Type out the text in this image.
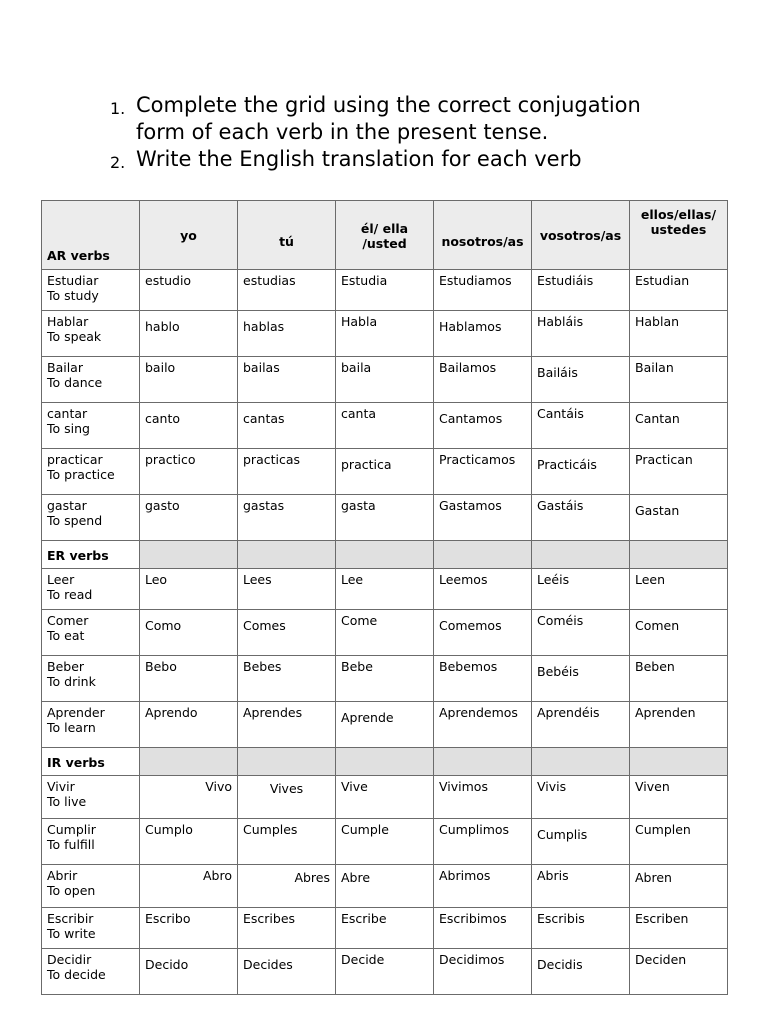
1. Complete the grid using the correct conjugation form of each verb in the present tense.
2. Write the English translation for each verb
AR verbs	yo	tú	él/ ella /usted	nosotros/as	vosotros/as	ellos/ellas/ ustedes
Estudiar
To study	estudio	estudias	Estudia	Estudiamos	Estudiáis	Estudian
Hablar
To speak	hablo	hablas	Habla	Hablamos	Habláis	Hablan
Bailar
To dance	bailo	bailas	baila	Bailamos	Bailáis	Bailan
cantar
To sing	canto	cantas	canta	Cantamos	Cantáis	Cantan
practicar
To practice	practico	practicas	practica	Practicamos	Practicáis	Practican
gastar
To spend	gasto	gastas	gasta	Gastamos	Gastáis	Gastan
ER verbs						
Leer
To read	Leo	Lees	Lee	Leemos	Leéis	Leen
Comer
To eat	Como	Comes	Come	Comemos	Coméis	Comen
Beber
To drink	Bebo	Bebes	Bebe	Bebemos	Bebéis	Beben
Aprender
To learn	Aprendo	Aprendes	Aprende	Aprendemos	Aprendéis	Aprenden
IR verbs						
Vivir
To live	Vivo	Vives	Vive	Vivimos	Vivis	Viven
Cumplir
To fulfill	Cumplo	Cumples	Cumple	Cumplimos	Cumplis	Cumplen
Abrir
To open	Abro	Abres	Abre	Abrimos	Abris	Abren
Escribir
To write	Escribo	Escribes	Escribe	Escribimos	Escribis	Escriben
Decidir
To decide	Decido	Decides	Decide	Decidimos	Decidis	Deciden
